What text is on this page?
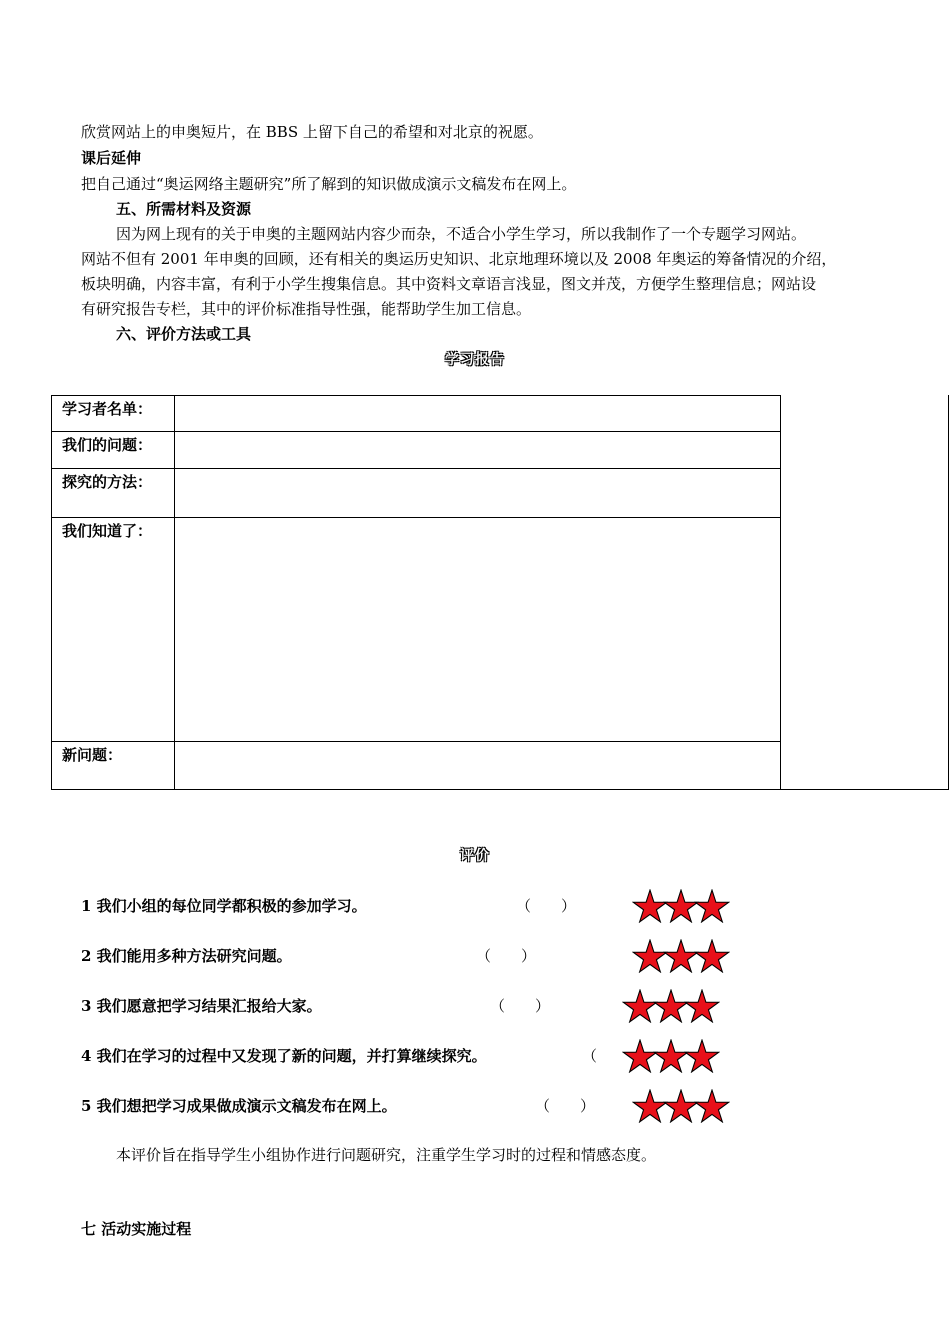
欣赏网站上的申奥短片，在 BBS 上留下自己的希望和对北京的祝愿。
课后延伸
把自己通过“奥运网络主题研究”所了解到的知识做成演示文稿发布在网上。
五、所需材料及资源
因为网上现有的关于申奥的主题网站内容少而杂，不适合小学生学习，所以我制作了一个专题学习网站。
网站不但有 2001 年申奥的回顾，还有相关的奥运历史知识、北京地理环境以及 2008 年奥运的筹备情况的介绍，
板块明确，内容丰富，有利于小学生搜集信息。其中资料文章语言浅显，图文并茂，方便学生整理信息；网站设
有研究报告专栏，其中的评价标准指导性强，能帮助学生加工信息。
六、评价方法或工具
学习报告
学习者名单：	
我们的问题：	
探究的方法：	
我们知道了：	
新问题：	
评价
1 我们小组的每位同学都积极的参加学习。	（　　）
2 我们能用多种方法研究问题。	（　　）
3 我们愿意把学习结果汇报给大家。	（　　）
4 我们在学习的过程中又发现了新的问题，并打算继续探究。	（
5 我们想把学习成果做成演示文稿发布在网上。	（　　）
本评价旨在指导学生小组协作进行问题研究，注重学生学习时的过程和情感态度。
七 活动实施过程
